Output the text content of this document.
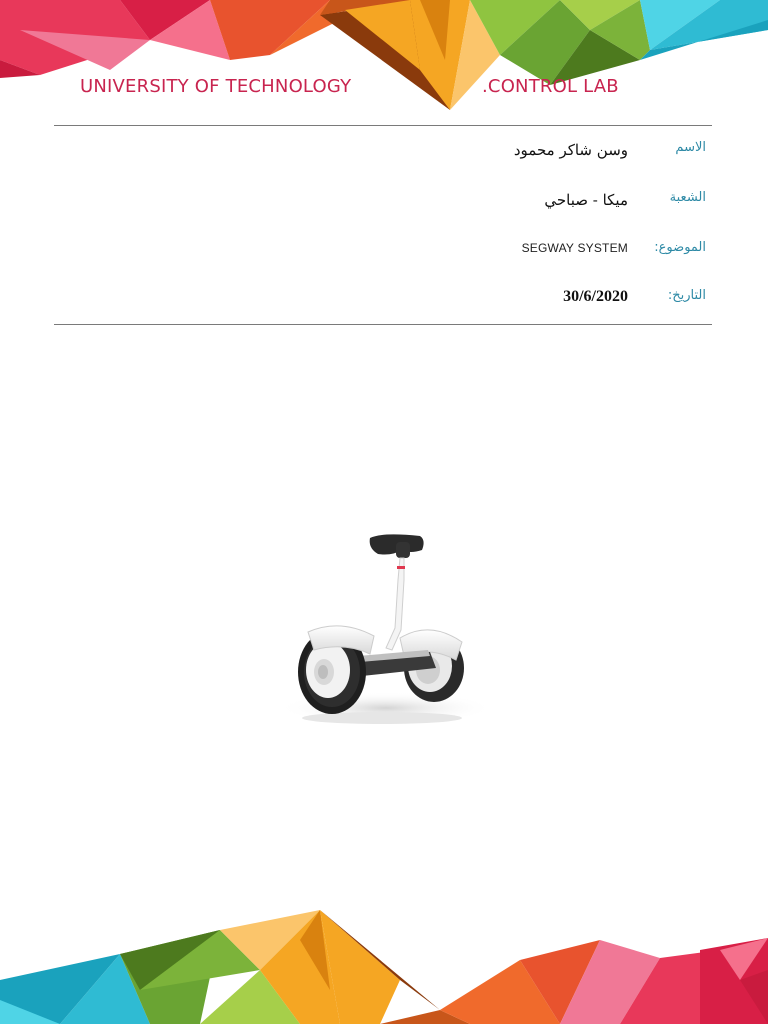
UNIVERSITY OF TECHNOLOGY	.CONTROL LAB
الاسم
وسن شاكر محمود
الشعبة
ميكا - صباحي
الموضوع:
SEGWAY SYSTEM
التاريخ:
30/6/2020
